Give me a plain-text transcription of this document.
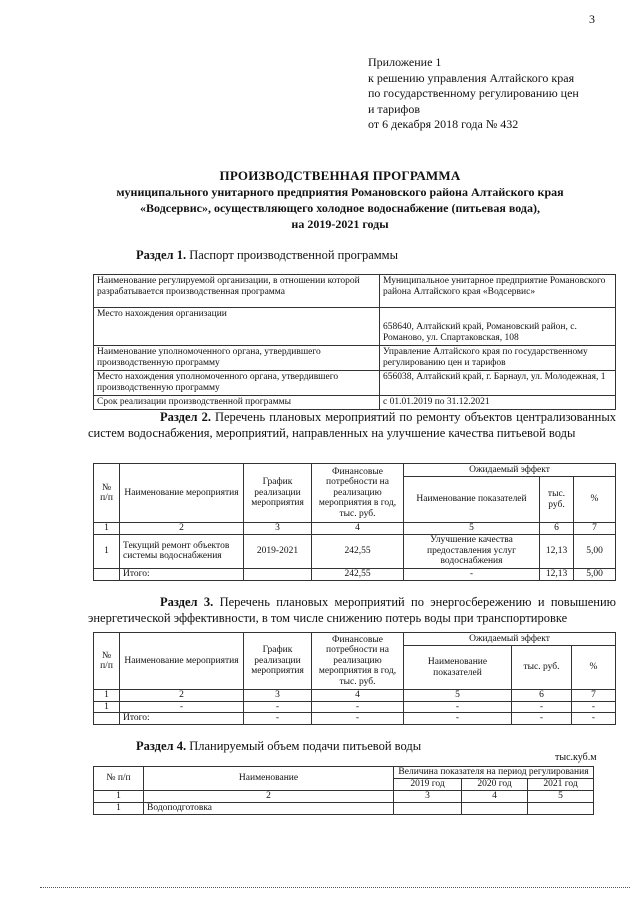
3
Приложение 1
к решению управления Алтайского края
по государственному регулированию цен
и тарифов
от 6 декабря 2018 года № 432
ПРОИЗВОДСТВЕННАЯ ПРОГРАММА
муниципального унитарного предприятия Романовского района Алтайского края
«Водсервис», осуществляющего холодное водоснабжение (питьевая вода),
на 2019-2021 годы
Раздел 1. Паспорт производственной программы
Наименование регулируемой организации, в отношении которой разрабатывается производственная программа	Муниципальное унитарное предприятие Романовского района Алтайского края «Водсервис»
Место нахождения организации	658640, Алтайский край, Романовский район, с. Романово, ул. Спартаковская, 108
Наименование уполномоченного органа, утвердившего производственную программу	Управление Алтайского края по государственному регулированию цен и тарифов
Место нахождения уполномоченного органа, утвердившего производственную программу	656038, Алтайский край, г. Барнаул, ул. Молодежная, 1
Срок реализации производственной программы	с 01.01.2019 по 31.12.2021
Раздел 2. Перечень плановых мероприятий по ремонту объектов централизованных систем водоснабжения, мероприятий, направленных на улучшение качества питьевой воды
№ п/п	Наименование мероприятия	График реализации мероприятия	Финансовые потребности на реализацию мероприятия в год, тыс. руб.	Ожидаемый эффект		
				Наименование показателей	тыс. руб.	%
1	2	3	4	5	6	7
1	Текущий ремонт объектов системы водоснабжения	2019-2021	242,55	Улучшение качества предоставления услуг водоснабжения	12,13	5,00
	Итого:		242,55	-	12,13	5,00
Раздел 3. Перечень плановых мероприятий по энергосбережению и повышению энергетической эффективности, в том числе снижению потерь воды при транспортировке
№ п/п	Наименование мероприятия	График реализации мероприятия	Финансовые потребности на реализацию мероприятия в год, тыс. руб.	Ожидаемый эффект		
				Наименование показателей	тыс. руб.	%
1	2	3	4	5	6	7
1	-	-	-	-	-	-
	Итого:	-	-	-	-	-
Раздел 4. Планируемый объем подачи питьевой воды
тыс.куб.м
№ п/п	Наименование	Величина показателя на период регулирования		
		2019 год	2020 год	2021 год
1	2	3	4	5
1	Водоподготовка			
